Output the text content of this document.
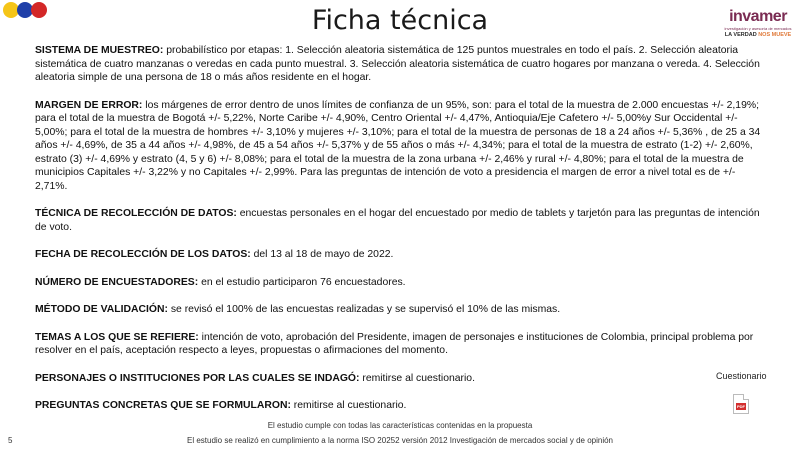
Ficha técnica	invamer
investigación y asesoría de mercados
LA VERDAD NOS MUEVE

SISTEMA DE MUESTREO: probabilístico por etapas: 1. Selección aleatoria sistemática de 125 puntos muestrales en todo el país. 2. Selección aleatoria sistemática de cuatro manzanas o veredas en cada punto muestral. 3. Selección aleatoria sistemática de cuatro hogares por manzana o vereda. 4. Selección aleatoria simple de una persona de 18 o más años residente en el hogar.

MARGEN DE ERROR: los márgenes de error dentro de unos límites de confianza de un 95%, son: para el total de la muestra de 2.000 encuestas +/- 2,19%; para el total de la muestra de Bogotá +/- 5,22%, Norte Caribe +/- 4,90%, Centro Oriental +/- 4,47%, Antioquia/Eje Cafetero +/- 5,00%y Sur Occidental +/- 5,00%; para el total de la muestra de hombres +/- 3,10% y mujeres +/- 3,10%; para el total de la muestra de personas de 18 a 24 años +/- 5,36% , de 25 a 34 años +/- 4,69%, de 35 a 44 años +/- 4,98%, de 45 a 54 años +/- 5,37% y de 55 años o más +/- 4,34%; para el total de la muestra de estrato (1-2) +/- 2,60%, estrato (3) +/- 4,69% y estrato (4, 5 y 6) +/- 8,08%; para el total de la muestra de la zona urbana +/- 2,46% y rural +/- 4,80%; para el total de la muestra de municipios Capitales +/- 3,22% y no Capitales +/- 2,99%. Para las preguntas de intención de voto a presidencia el margen de error a nivel total es de +/- 2,71%.

TÉCNICA DE RECOLECCIÓN DE DATOS: encuestas personales en el hogar del encuestado por medio de tablets y tarjetón para las preguntas de intención de voto.

FECHA DE RECOLECCIÓN DE LOS DATOS: del 13 al 18 de mayo de 2022.

NÚMERO DE ENCUESTADORES: en el estudio participaron 76 encuestadores.

MÉTODO DE VALIDACIÓN: se revisó el 100% de las encuestas realizadas y se supervisó el 10% de las mismas.

TEMAS A LOS QUE SE REFIERE: intención de voto, aprobación del Presidente, imagen de personajes e instituciones de Colombia, principal problema por resolver en el país, aceptación respecto a leyes, propuestas o afirmaciones del momento.

PERSONAJES O INSTITUCIONES POR LAS CUALES SE INDAGÓ: remitirse al cuestionario.

PREGUNTAS CONCRETAS QUE SE FORMULARON: remitirse al cuestionario.

Cuestionario
PDF
El estudio cumple con todas las características contenidas en la propuesta
5	El estudio se realizó en cumplimiento a la norma ISO 20252 versión 2012 Investigación de mercados social y de opinión
